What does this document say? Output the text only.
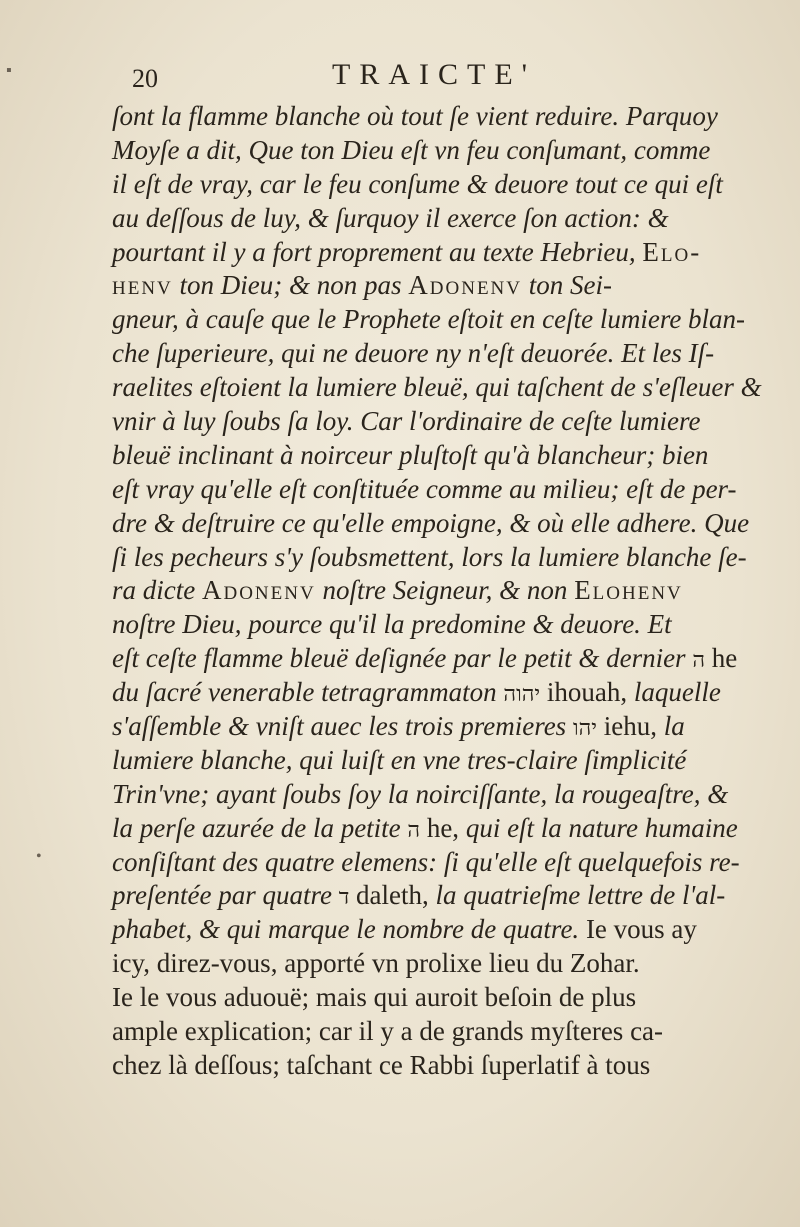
20	TRAICTE'
ſont la flamme blanche où tout ſe vient reduire. Parquoy
Moyſe a dit, Que ton Dieu eſt vn feu conſumant, comme
il eſt de vray, car le feu conſume & deuore tout ce qui eſt
au deſſous de luy, & ſurquoy il exerce ſon action: &
pourtant il y a fort proprement au texte Hebrieu, Elo-
henv ton Dieu; & non pas Adonenv ton Sei-
gneur, à cauſe que le Prophete eſtoit en ceſte lumiere blan-
che ſuperieure, qui ne deuore ny n'eſt deuorée. Et les Iſ-
raelites eſtoient la lumiere bleuë, qui taſchent de s'eſleuer &
vnir à luy ſoubs ſa loy. Car l'ordinaire de ceſte lumiere
bleuë inclinant à noirceur pluſtoſt qu'à blancheur; bien
eſt vray qu'elle eſt conſtituée comme au milieu; eſt de per-
dre & deſtruire ce qu'elle empoigne, & où elle adhere. Que
ſi les pecheurs s'y ſoubsmettent, lors la lumiere blanche ſe-
ra dicte Adonenv noſtre Seigneur, & non Elohenv
noſtre Dieu, pource qu'il la predomine & deuore. Et
eſt ceſte flamme bleuë deſignée par le petit & dernier ה he
du ſacré venerable tetragrammaton יהוה ihouah, laquelle
s'aſſemble & vniſt auec les trois premieres יהו iehu, la
lumiere blanche, qui luiſt en vne tres-claire ſimplicité
Trin'vne; ayant ſoubs ſoy la noirciſſante, la rougeaſtre, &
la perſe azurée de la petite ה he, qui eſt la nature humaine
conſiſtant des quatre elemens: ſi qu'elle eſt quelquefois re-
preſentée par quatre ד daleth, la quatrieſme lettre de l'al-
phabet, & qui marque le nombre de quatre. Ie vous ay
icy, direz-vous, apporté vn prolixe lieu du Zohar.
Ie le vous aduouë; mais qui auroit beſoin de plus
ample explication; car il y a de grands myſteres ca-
chez là deſſous; taſchant ce Rabbi ſuperlatif à tous
▪
•
